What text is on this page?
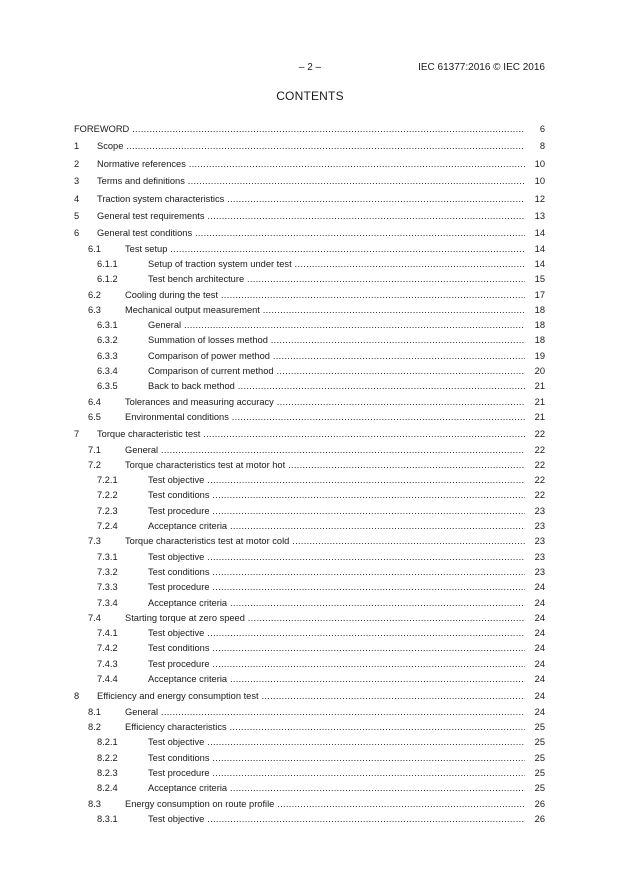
– 2 –	IEC 61377:2016 © IEC 2016
CONTENTS
FOREWORD .....	6
1 Scope .....	8
2 Normative references .....	10
3 Terms and definitions .....	10
4 Traction system characteristics .....	12
5 General test requirements .....	13
6 General test conditions .....	14
6.1	Test setup .....	14
6.1.1	Setup of traction system under test .....	14
6.1.2	Test bench architecture .....	15
6.2	Cooling during the test .....	17
6.3	Mechanical output measurement .....	18
6.3.1	General .....	18
6.3.2	Summation of losses method .....	18
6.3.3	Comparison of power method .....	19
6.3.4	Comparison of current method .....	20
6.3.5	Back to back method .....	21
6.4	Tolerances and measuring accuracy .....	21
6.5	Environmental conditions .....	21
7 Torque characteristic test .....	22
7.1	General .....	22
7.2	Torque characteristics test at motor hot .....	22
7.2.1	Test objective .....	22
7.2.2	Test conditions .....	22
7.2.3	Test procedure .....	23
7.2.4	Acceptance criteria .....	23
7.3	Torque characteristics test at motor cold .....	23
7.3.1	Test objective .....	23
7.3.2	Test conditions .....	23
7.3.3	Test procedure .....	24
7.3.4	Acceptance criteria .....	24
7.4	Starting torque at zero speed .....	24
7.4.1	Test objective .....	24
7.4.2	Test conditions .....	24
7.4.3	Test procedure .....	24
7.4.4	Acceptance criteria .....	24
8 Efficiency and energy consumption test .....	24
8.1	General .....	24
8.2	Efficiency characteristics .....	25
8.2.1	Test objective .....	25
8.2.2	Test conditions .....	25
8.2.3	Test procedure .....	25
8.2.4	Acceptance criteria .....	25
8.3	Energy consumption on route profile .....	26
8.3.1	Test objective .....	26
